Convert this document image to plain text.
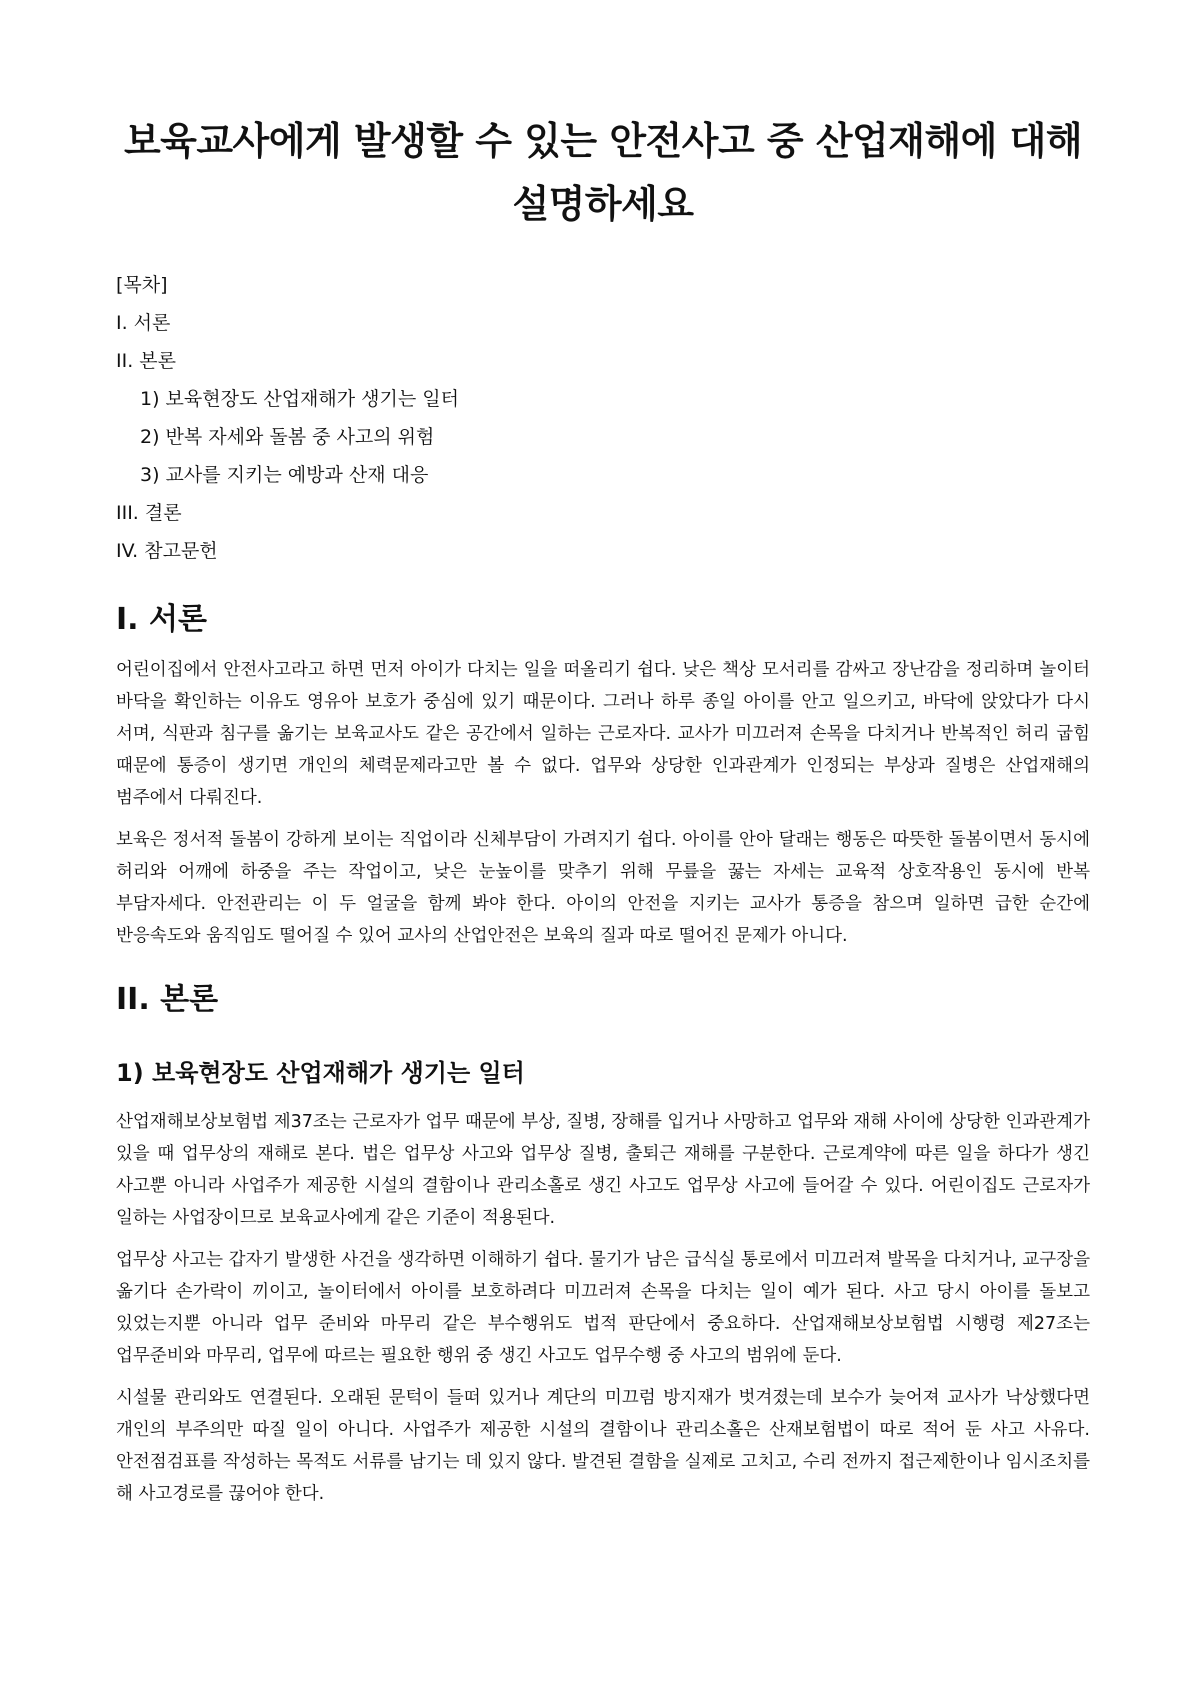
보육교사에게 발생할 수 있는 안전사고 중 산업재해에 대해 설명하세요

[목차]

I. 서론

II. 본론

1) 보육현장도 산업재해가 생기는 일터

2) 반복 자세와 돌봄 중 사고의 위험

3) 교사를 지키는 예방과 산재 대응

III. 결론

IV. 참고문헌

I. 서론

어린이집에서 안전사고라고 하면 먼저 아이가 다치는 일을 떠올리기 쉽다. 낮은 책상 모서리를 감싸고 장난감을 정리하며 놀이터 바닥을 확인하는 이유도 영유아 보호가 중심에 있기 때문이다. 그러나 하루 종일 아이를 안고 일으키고, 바닥에 앉았다가 다시 서며, 식판과 침구를 옮기는 보육교사도 같은 공간에서 일하는 근로자다. 교사가 미끄러져 손목을 다치거나 반복적인 허리 굽힘 때문에 통증이 생기면 개인의 체력문제라고만 볼 수 없다. 업무와 상당한 인과관계가 인정되는 부상과 질병은 산업재해의 범주에서 다뤄진다.

보육은 정서적 돌봄이 강하게 보이는 직업이라 신체부담이 가려지기 쉽다. 아이를 안아 달래는 행동은 따뜻한 돌봄이면서 동시에 허리와 어깨에 하중을 주는 작업이고, 낮은 눈높이를 맞추기 위해 무릎을 꿇는 자세는 교육적 상호작용인 동시에 반복 부담자세다. 안전관리는 이 두 얼굴을 함께 봐야 한다. 아이의 안전을 지키는 교사가 통증을 참으며 일하면 급한 순간에 반응속도와 움직임도 떨어질 수 있어 교사의 산업안전은 보육의 질과 따로 떨어진 문제가 아니다.

II. 본론
1) 보육현장도 산업재해가 생기는 일터

산업재해보상보험법 제37조는 근로자가 업무 때문에 부상, 질병, 장해를 입거나 사망하고 업무와 재해 사이에 상당한 인과관계가 있을 때 업무상의 재해로 본다. 법은 업무상 사고와 업무상 질병, 출퇴근 재해를 구분한다. 근로계약에 따른 일을 하다가 생긴 사고뿐 아니라 사업주가 제공한 시설의 결함이나 관리소홀로 생긴 사고도 업무상 사고에 들어갈 수 있다. 어린이집도 근로자가 일하는 사업장이므로 보육교사에게 같은 기준이 적용된다.

업무상 사고는 갑자기 발생한 사건을 생각하면 이해하기 쉽다. 물기가 남은 급식실 통로에서 미끄러져 발목을 다치거나, 교구장을 옮기다 손가락이 끼이고, 놀이터에서 아이를 보호하려다 미끄러져 손목을 다치는 일이 예가 된다. 사고 당시 아이를 돌보고 있었는지뿐 아니라 업무 준비와 마무리 같은 부수행위도 법적 판단에서 중요하다. 산업재해보상보험법 시행령 제27조는 업무준비와 마무리, 업무에 따르는 필요한 행위 중 생긴 사고도 업무수행 중 사고의 범위에 둔다.

시설물 관리와도 연결된다. 오래된 문턱이 들떠 있거나 계단의 미끄럼 방지재가 벗겨졌는데 보수가 늦어져 교사가 낙상했다면 개인의 부주의만 따질 일이 아니다. 사업주가 제공한 시설의 결함이나 관리소홀은 산재보험법이 따로 적어 둔 사고 사유다. 안전점검표를 작성하는 목적도 서류를 남기는 데 있지 않다. 발견된 결함을 실제로 고치고, 수리 전까지 접근제한이나 임시조치를 해 사고경로를 끊어야 한다.
